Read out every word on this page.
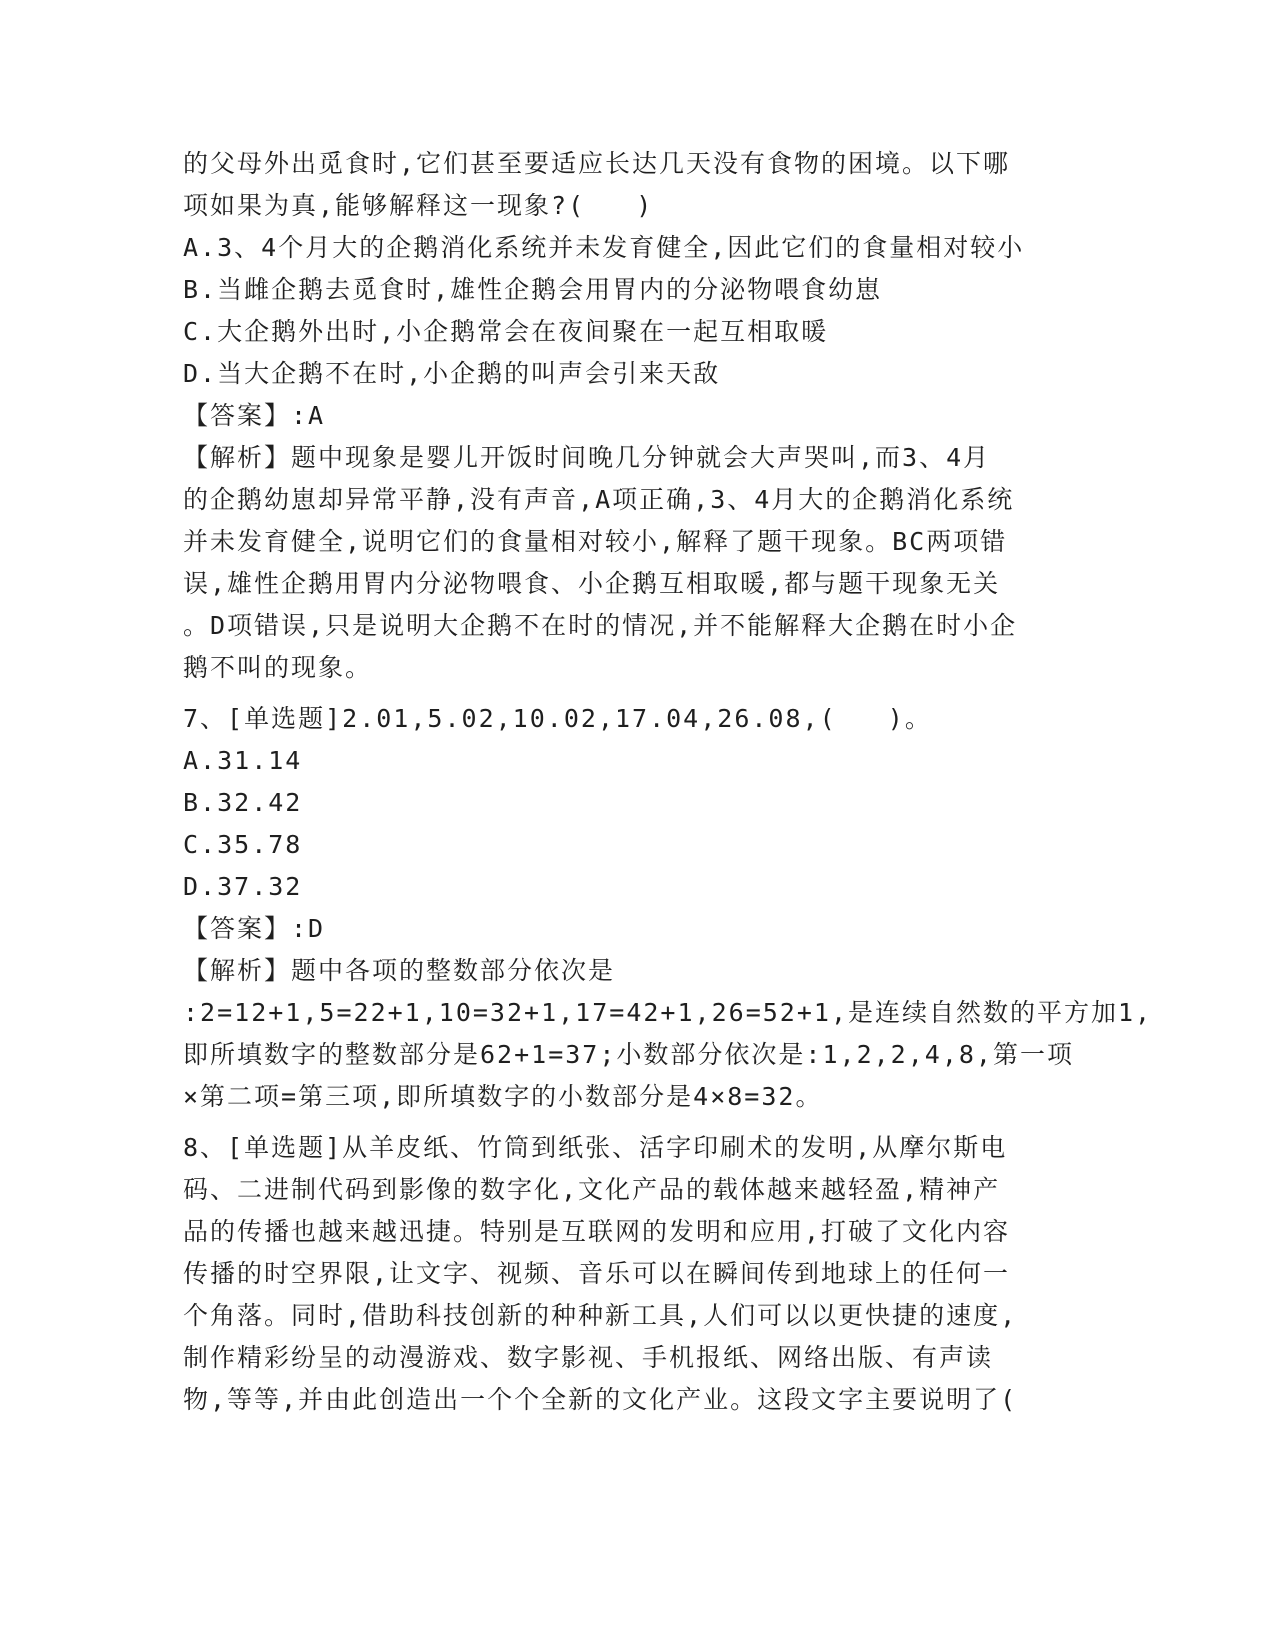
的父母外出觅食时,它们甚至要适应长达几天没有食物的困境。以下哪
项如果为真,能够解释这一现象?(   )
A.3、4个月大的企鹅消化系统并未发育健全,因此它们的食量相对较小
B.当雌企鹅去觅食时,雄性企鹅会用胃内的分泌物喂食幼崽
C.大企鹅外出时,小企鹅常会在夜间聚在一起互相取暖
D.当大企鹅不在时,小企鹅的叫声会引来天敌
【答案】:A
【解析】题中现象是婴儿开饭时间晚几分钟就会大声哭叫,而3、4月
的企鹅幼崽却异常平静,没有声音,A项正确,3、4月大的企鹅消化系统
并未发育健全,说明它们的食量相对较小,解释了题干现象。BC两项错
误,雄性企鹅用胃内分泌物喂食、小企鹅互相取暖,都与题干现象无关
。D项错误,只是说明大企鹅不在时的情况,并不能解释大企鹅在时小企
鹅不叫的现象。
7、[单选题]2.01,5.02,10.02,17.04,26.08,(   )。
A.31.14
B.32.42
C.35.78
D.37.32
【答案】:D
【解析】题中各项的整数部分依次是
:2=12+1,5=22+1,10=32+1,17=42+1,26=52+1,是连续自然数的平方加1,
即所填数字的整数部分是62+1=37;小数部分依次是:1,2,2,4,8,第一项
×第二项=第三项,即所填数字的小数部分是4×8=32。
8、[单选题]从羊皮纸、竹筒到纸张、活字印刷术的发明,从摩尔斯电
码、二进制代码到影像的数字化,文化产品的载体越来越轻盈,精神产
品的传播也越来越迅捷。特别是互联网的发明和应用,打破了文化内容
传播的时空界限,让文字、视频、音乐可以在瞬间传到地球上的任何一
个角落。同时,借助科技创新的种种新工具,人们可以以更快捷的速度,
制作精彩纷呈的动漫游戏、数字影视、手机报纸、网络出版、有声读
物,等等,并由此创造出一个个全新的文化产业。这段文字主要说明了(
